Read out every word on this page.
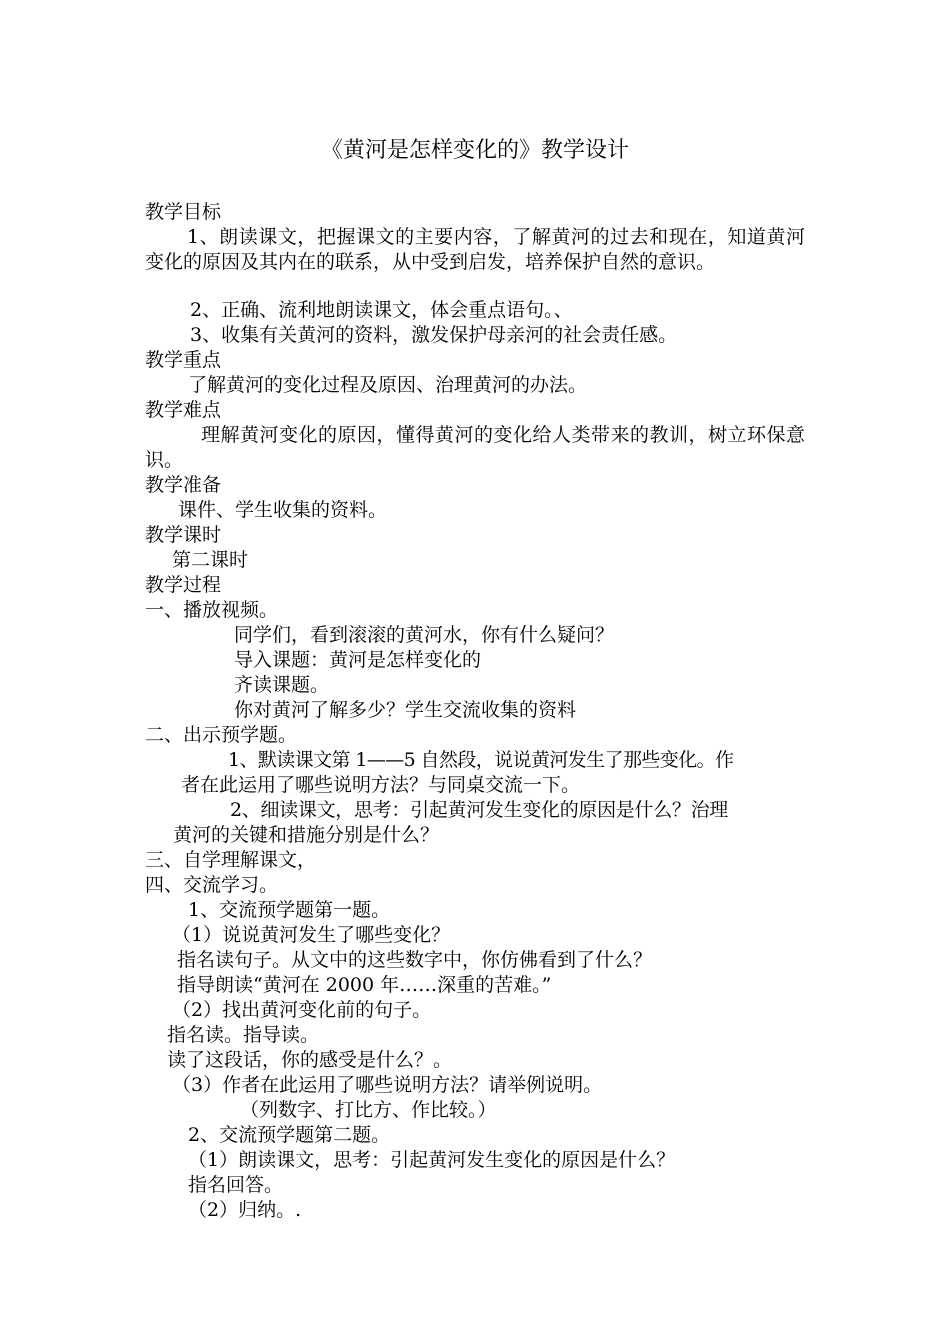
《黄河是怎样变化的》教学设计
教学目标
1、朗读课文，把握课文的主要内容，了解黄河的过去和现在，知道黄河变化的原因及其内在的联系，从中受到启发，培养保护自然的意识。
2、正确、流利地朗读课文，体会重点语句。、
3、收集有关黄河的资料，激发保护母亲河的社会责任感。
教学重点
了解黄河的变化过程及原因、治理黄河的办法。
教学难点
理解黄河变化的原因，懂得黄河的变化给人类带来的教训，树立环保意识。
教学准备
课件、学生收集的资料。
教学课时
第二课时
教学过程
一、播放视频。
同学们，看到滚滚的黄河水，你有什么疑问？
导入课题：黄河是怎样变化的
齐读课题。
你对黄河了解多少？学生交流收集的资料
二、出示预学题。
1、默读课文第 1——5 自然段，说说黄河发生了那些变化。作
者在此运用了哪些说明方法？与同桌交流一下。
2、细读课文，思考：引起黄河发生变化的原因是什么？治理
黄河的关键和措施分别是什么？
三、自学理解课文，
四、交流学习。
1、交流预学题第一题。
（1）说说黄河发生了哪些变化？
指名读句子。从文中的这些数字中，你仿佛看到了什么？
指导朗读“黄河在 2000 年……深重的苦难。”
（2）找出黄河变化前的句子。
指名读。指导读。
读了这段话，你的感受是什么？。
（3）作者在此运用了哪些说明方法？请举例说明。
（列数字、打比方、作比较。）
2、交流预学题第二题。
（1）朗读课文，思考：引起黄河发生变化的原因是什么？
指名回答。
（2）归纳。.
